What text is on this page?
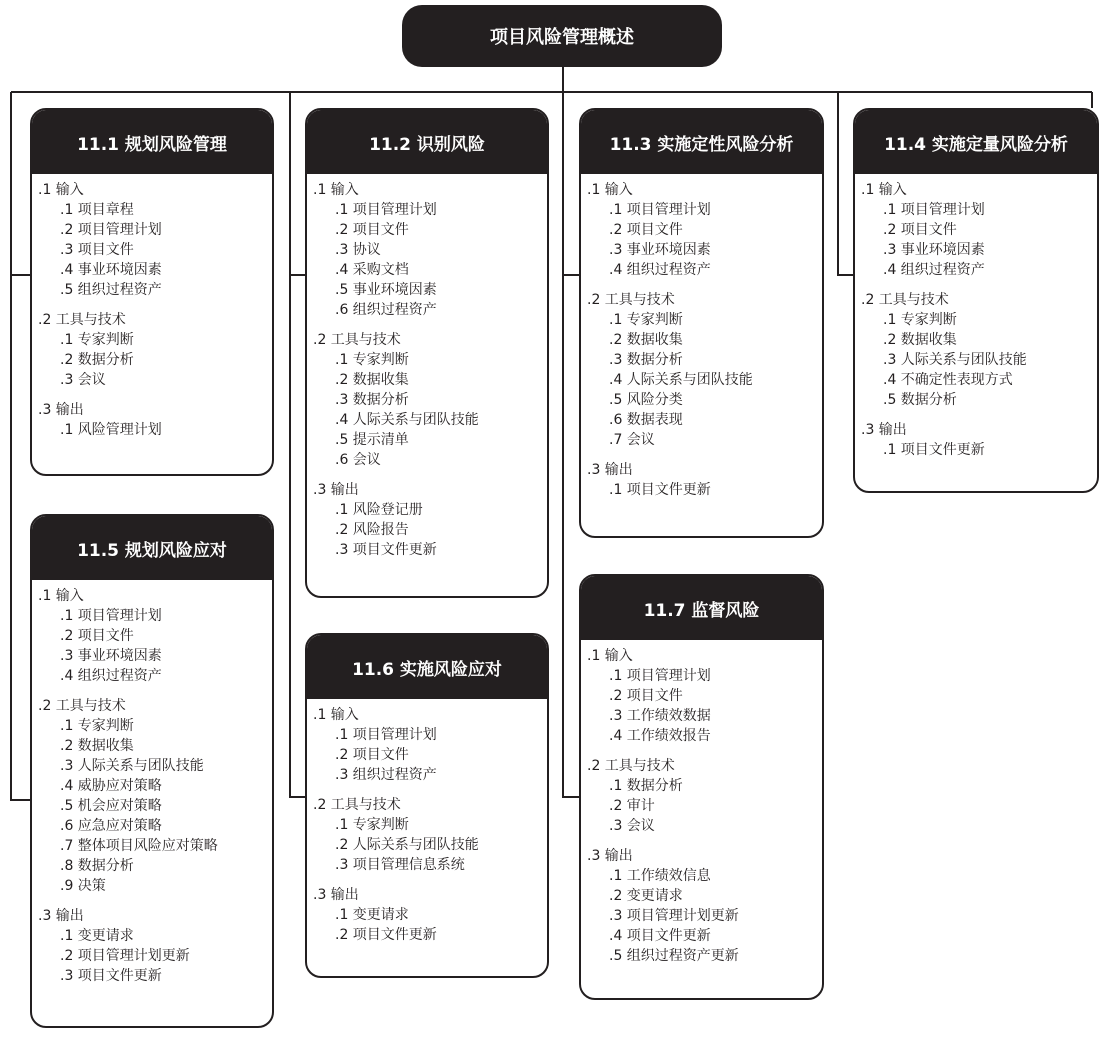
项目风险管理概述
11.1 规划风险管理
.1 输入
.1 项目章程
.2 项目管理计划
.3 项目文件
.4 事业环境因素
.5 组织过程资产
.2 工具与技术
.1 专家判断
.2 数据分析
.3 会议
.3 输出
.1 风险管理计划
11.2 识别风险
.1 输入
.1 项目管理计划
.2 项目文件
.3 协议
.4 采购文档
.5 事业环境因素
.6 组织过程资产
.2 工具与技术
.1 专家判断
.2 数据收集
.3 数据分析
.4 人际关系与团队技能
.5 提示清单
.6 会议
.3 输出
.1 风险登记册
.2 风险报告
.3 项目文件更新
11.3 实施定性风险分析
.1 输入
.1 项目管理计划
.2 项目文件
.3 事业环境因素
.4 组织过程资产
.2 工具与技术
.1 专家判断
.2 数据收集
.3 数据分析
.4 人际关系与团队技能
.5 风险分类
.6 数据表现
.7 会议
.3 输出
.1 项目文件更新
11.4 实施定量风险分析
.1 输入
.1 项目管理计划
.2 项目文件
.3 事业环境因素
.4 组织过程资产
.2 工具与技术
.1 专家判断
.2 数据收集
.3 人际关系与团队技能
.4 不确定性表现方式
.5 数据分析
.3 输出
.1 项目文件更新
11.5 规划风险应对
.1 输入
.1 项目管理计划
.2 项目文件
.3 事业环境因素
.4 组织过程资产
.2 工具与技术
.1 专家判断
.2 数据收集
.3 人际关系与团队技能
.4 威胁应对策略
.5 机会应对策略
.6 应急应对策略
.7 整体项目风险应对策略
.8 数据分析
.9 决策
.3 输出
.1 变更请求
.2 项目管理计划更新
.3 项目文件更新
11.6 实施风险应对
.1 输入
.1 项目管理计划
.2 项目文件
.3 组织过程资产
.2 工具与技术
.1 专家判断
.2 人际关系与团队技能
.3 项目管理信息系统
.3 输出
.1 变更请求
.2 项目文件更新
11.7 监督风险
.1 输入
.1 项目管理计划
.2 项目文件
.3 工作绩效数据
.4 工作绩效报告
.2 工具与技术
.1 数据分析
.2 审计
.3 会议
.3 输出
.1 工作绩效信息
.2 变更请求
.3 项目管理计划更新
.4 项目文件更新
.5 组织过程资产更新
